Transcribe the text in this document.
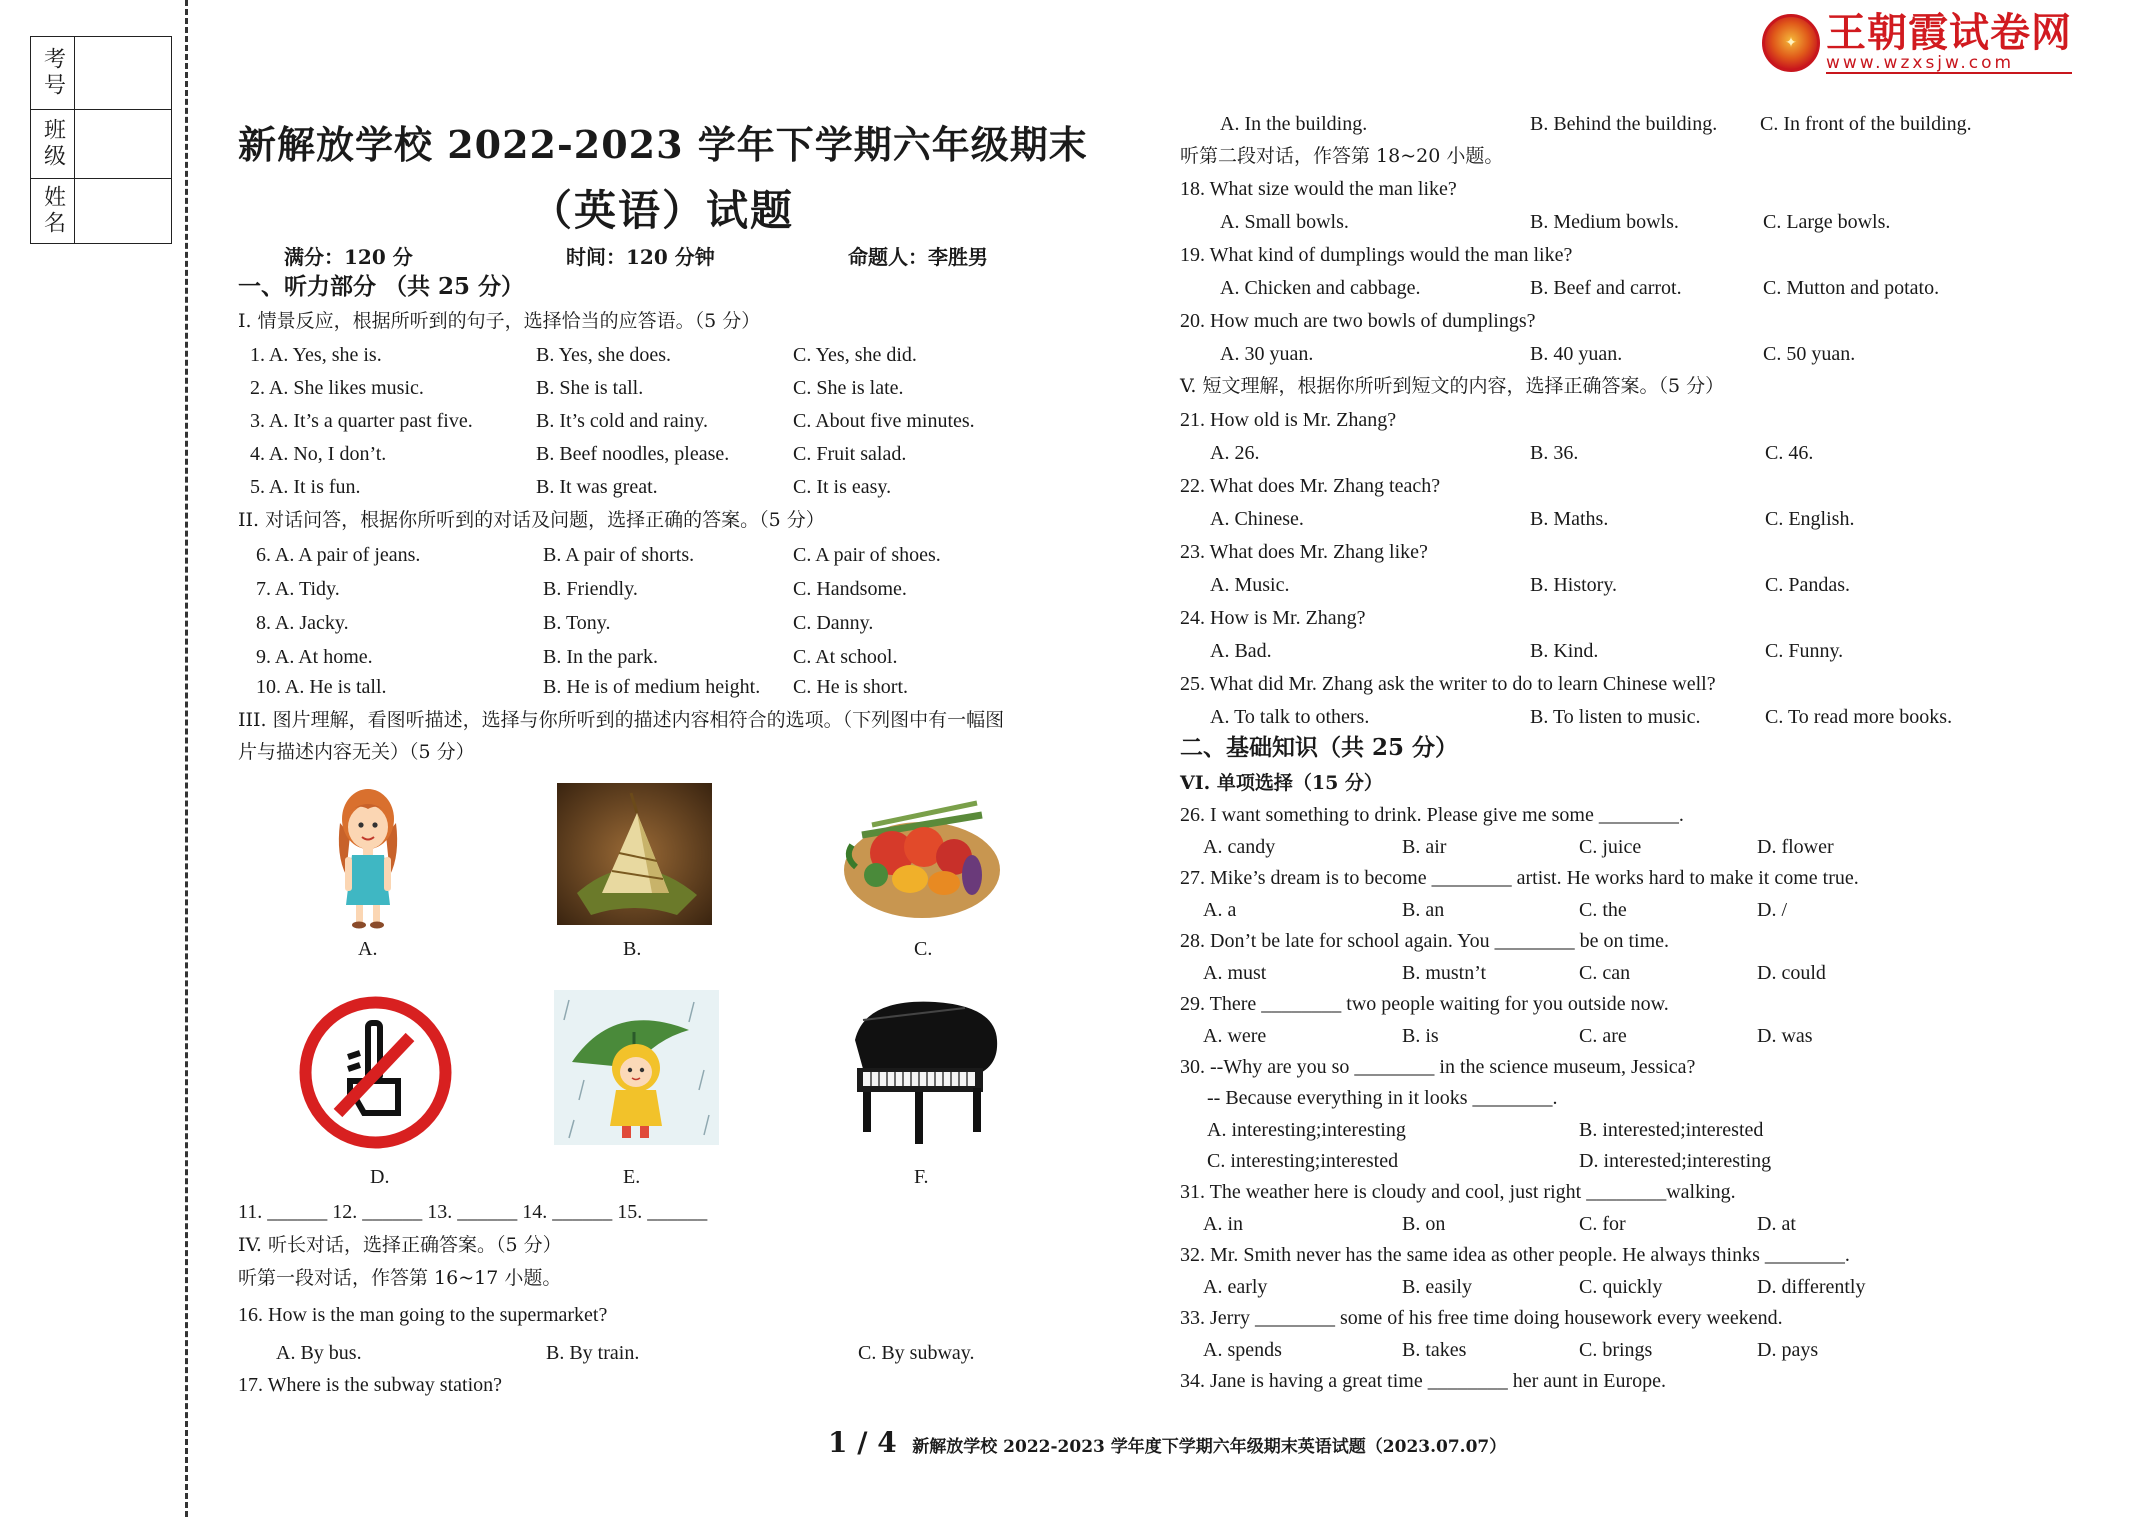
考号
班级
姓名
✦ 王朝霞试卷网
www.wzxsjw.com
新解放学校 2022-2023 学年下学期六年级期末
（英语）试题
满分：120 分	时间：120 分钟	命题人：李胜男
一、听力部分 （共 25 分）
I. 情景反应，根据所听到的句子，选择恰当的应答语。（5 分）
1. A. Yes, she is.	B. Yes, she does.	C. Yes, she did.
2. A. She likes music.	B. She is tall.	C. She is late.
3. A. It’s a quarter past five.	B. It’s cold and rainy.	C. About five minutes.
4. A. No, I don’t.	B. Beef noodles, please.	C. Fruit salad.
5. A. It is fun.	B. It was great.	C. It is easy.
II. 对话问答，根据你所听到的对话及问题，选择正确的答案。（5 分）
6. A. A pair of jeans.	B. A pair of shorts.	C. A pair of shoes.
7. A. Tidy.	B. Friendly.	C. Handsome.
8. A. Jacky.	B. Tony.	C. Danny.
9. A. At home.	B. In the park.	C. At school.
10. A. He is tall.	B. He is of medium height. C. He is short.
III. 图片理解，看图听描述，选择与你所听到的描述内容相符合的选项。（下列图中有一幅图
片与描述内容无关）（5 分）
A.	B.	C.
D.	E.	F.
11. ______ 12. ______ 13. ______ 14. ______ 15. ______
IV. 听长对话，选择正确答案。（5 分）
听第一段对话，作答第 16~17 小题。
16. How is the man going to the supermarket?
A. By bus.	B. By train.	C. By subway.
17. Where is the subway station?
A. In the building.	B. Behind the building. C. In front of the building.
听第二段对话，作答第 18~20 小题。
18. What size would the man like?
A. Small bowls.	B. Medium bowls.	C. Large bowls.
19. What kind of dumplings would the man like?
A. Chicken and cabbage.	B. Beef and carrot.	C. Mutton and potato.
20. How much are two bowls of dumplings?
A. 30 yuan.	B. 40 yuan.	C. 50 yuan.
V. 短文理解，根据你所听到短文的内容，选择正确答案。（5 分）
21. How old is Mr. Zhang?
A. 26.	B. 36.	C. 46.
22. What does Mr. Zhang teach?
A. Chinese.	B. Maths.	C. English.
23. What does Mr. Zhang like?
A. Music.	B. History.	C. Pandas.
24. How is Mr. Zhang?
A. Bad.	B. Kind.	C. Funny.
25. What did Mr. Zhang ask the writer to do to learn Chinese well?
A. To talk to others.	B. To listen to music.	C. To read more books.
二、基础知识（共 25 分）
VI. 单项选择（15 分）
26. I want something to drink. Please give me some ________.
A. candy	B. air	C. juice	D. flower
27. Mike’s dream is to become ________ artist. He works hard to make it come true.
A. a	B. an	C. the	D. /
28. Don’t be late for school again. You ________ be on time.
A. must	B. mustn’t	C. can	D. could
29. There ________ two people waiting for you outside now.
A. were	B. is	C. are	D. was
30. --Why are you so ________ in the science museum, Jessica?
-- Because everything in it looks ________.
A. interesting;interesting	B. interested;interested
C. interesting;interested	D. interested;interesting
31. The weather here is cloudy and cool, just right ________walking.
A. in	B. on	C. for	D. at
32. Mr. Smith never has the same idea as other people. He always thinks ________.
A. early	B. easily	C. quickly	D. differently
33. Jerry ________ some of his free time doing housework every weekend.
A. spends	B. takes	C. brings	D. pays
34. Jane is having a great time ________ her aunt in Europe.
1 / 4 新解放学校 2022-2023 学年度下学期六年级期末英语试题（2023.07.07）
